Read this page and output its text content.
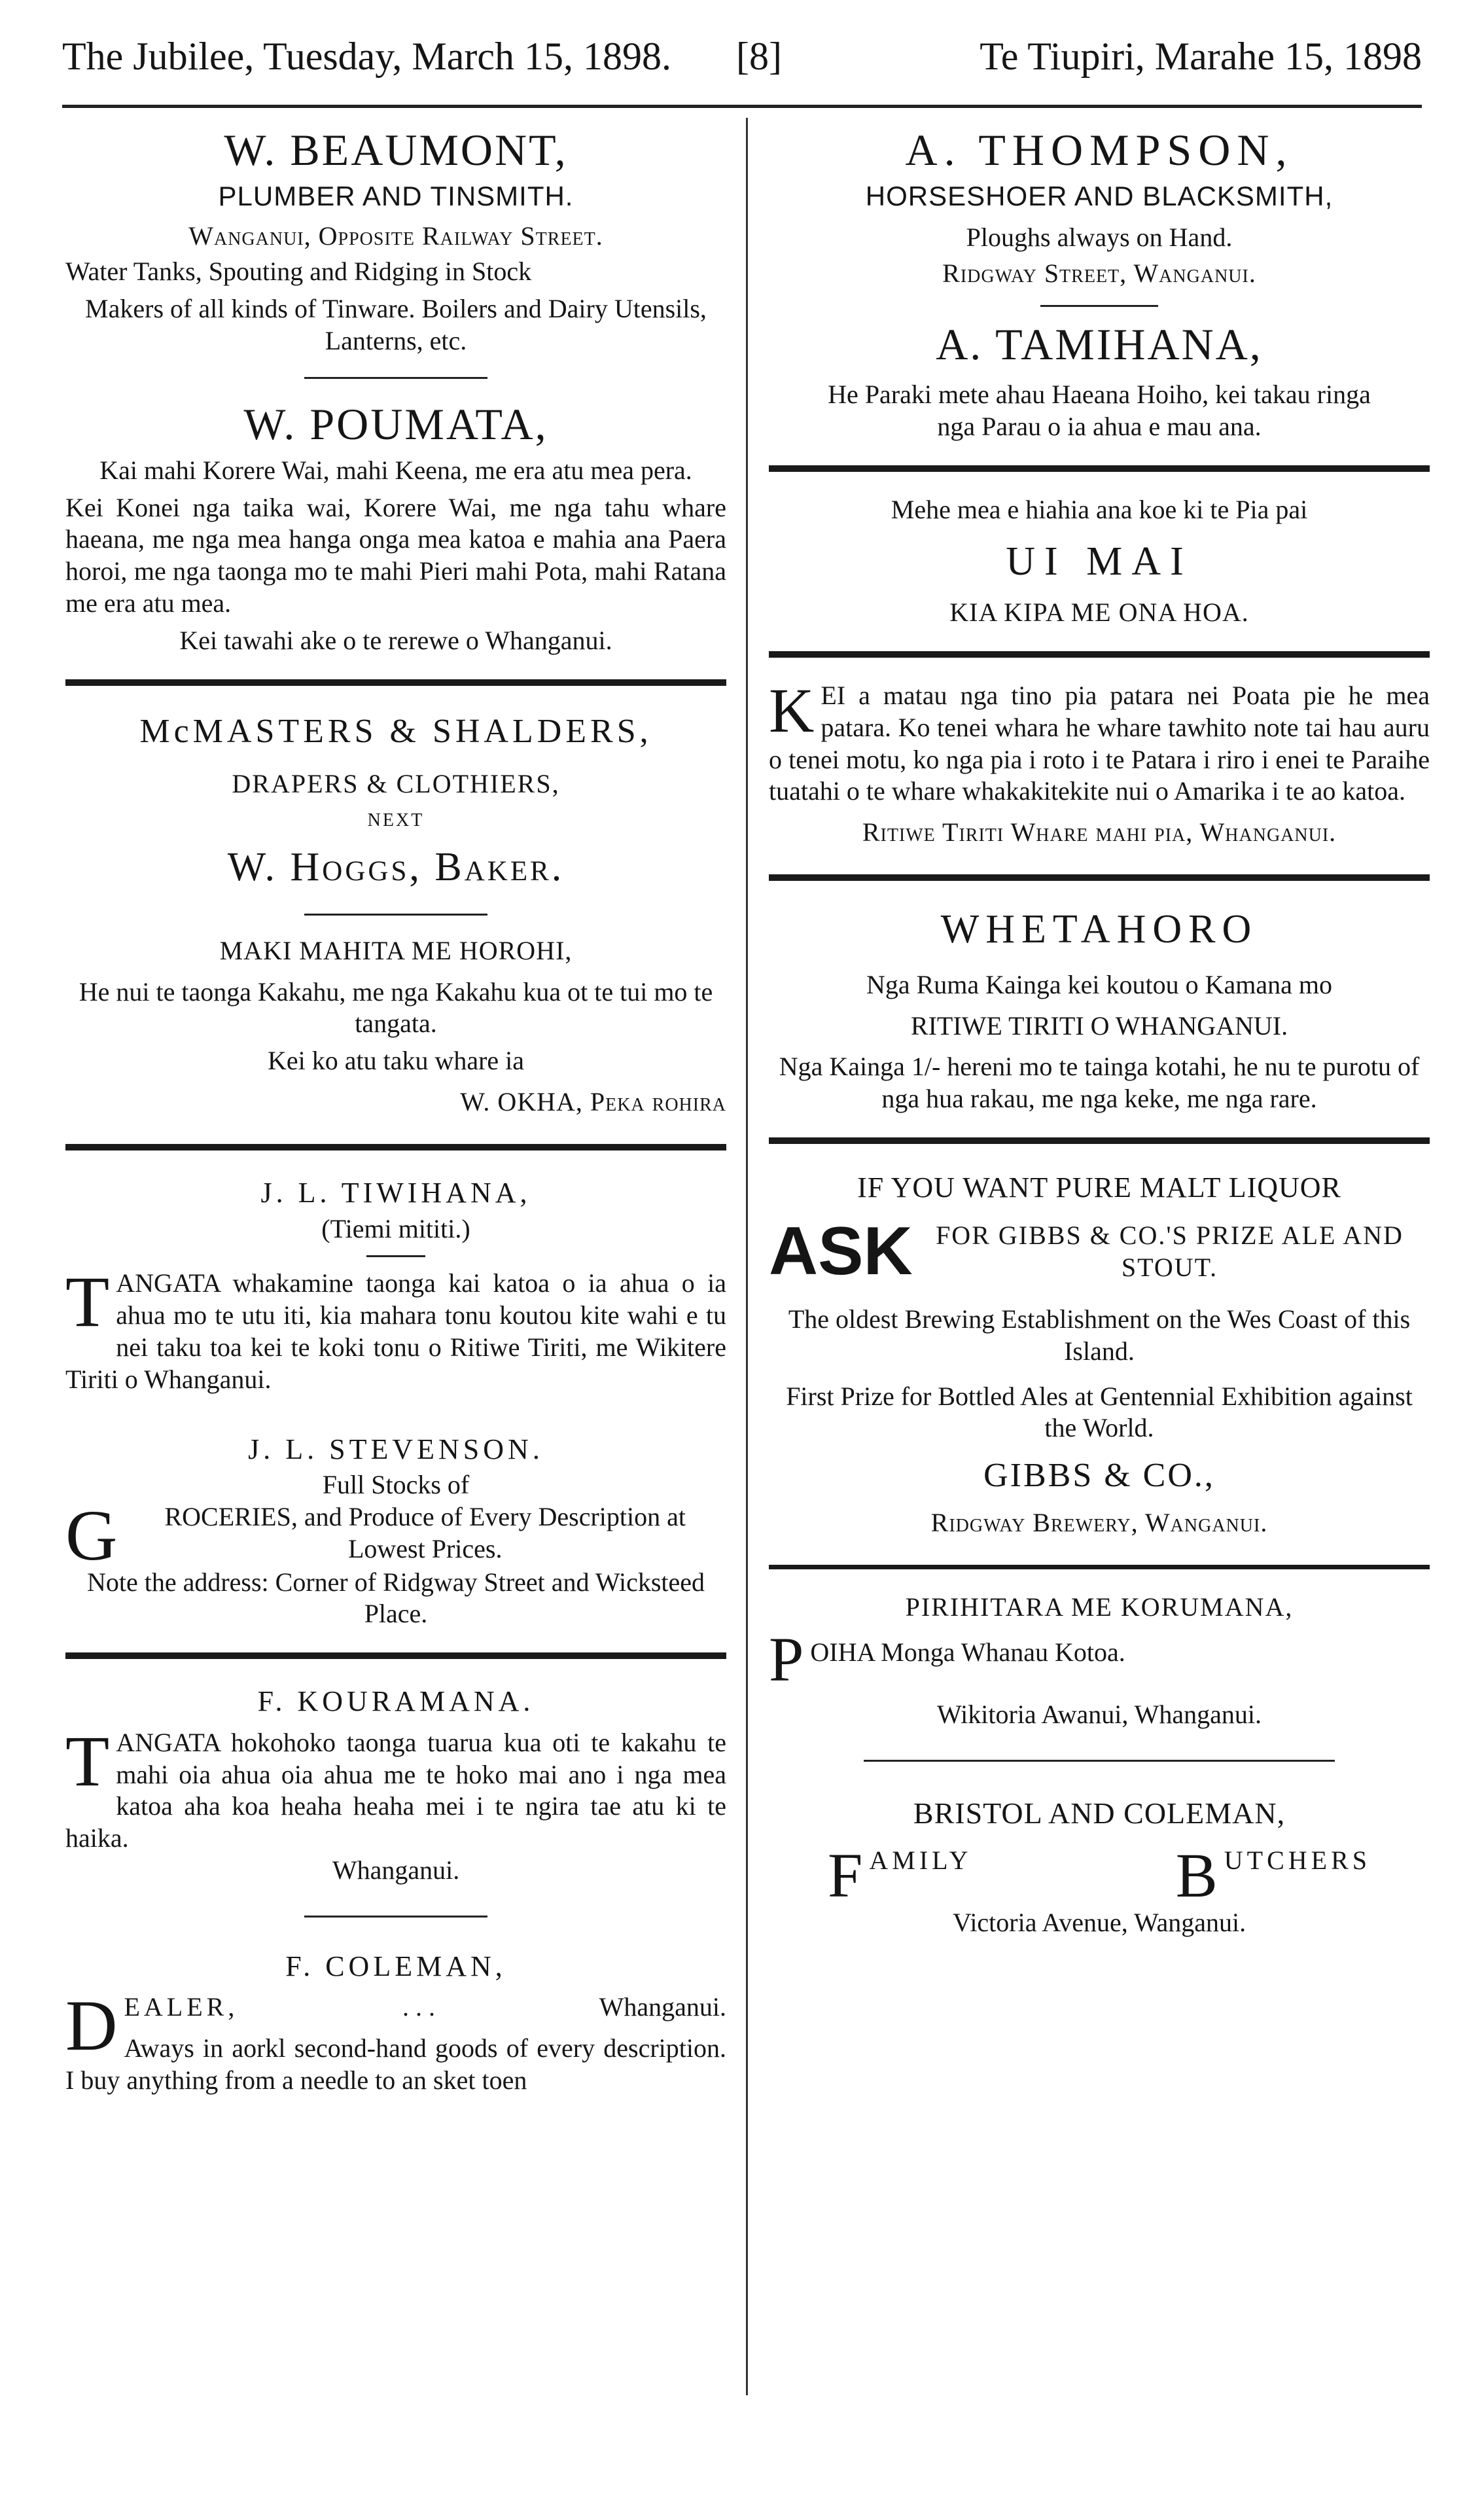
The Jubilee, Tuesday, March 15, 1898. [8]	Te Tiupiri, Marahe 15, 1898
W. BEAUMONT,
PLUMBER AND TINSMITH.
Wanganui, Opposite Railway Street.
Water Tanks, Spouting and Ridging in Stock
Makers of all kinds of Tinware. Boilers and Dairy Utensils, Lanterns, etc.
W. POUMATA,
Kai mahi Korere Wai, mahi Keena, me era atu mea pera.
Kei Konei nga taika wai, Korere Wai, me nga tahu whare haeana, me nga mea hanga onga mea katoa e mahia ana Paera horoi, me nga taonga mo te mahi Pieri mahi Pota, mahi Ratana me era atu mea.
Kei tawahi ake o te rerewe o Whanganui.
McMASTERS & SHALDERS,
DRAPERS & CLOTHIERS,
NEXT
W. Hoggs, Baker.
MAKI MAHITA ME HOROHI,
He nui te taonga Kakahu, me nga Kakahu kua ot te tui mo te tangata.
Kei ko atu taku whare ia
W. OKHA, Peka rohira
J. L. TIWIHANA,
(Tiemi mititi.)
T ANGATA whakamine taonga kai katoa o ia ahua o ia ahua mo te utu iti, kia mahara tonu koutou kite wahi e tu nei taku toa kei te koki tonu o Ritiwe Tiriti, me Wikitere Tiriti o Whanganui.
J. L. STEVENSON.
Full Stocks of
G	ROCERIES, and Produce of Every Description at Lowest Prices.
Note the address: Corner of Ridgway Street and Wicksteed Place.
F. KOURAMANA.
T ANGATA hokohoko taonga tuarua kua oti te kakahu te mahi oia ahua oia ahua me te hoko mai ano i nga mea katoa aha koa heaha heaha mei i te ngira tae atu ki te haika.
Whanganui.
F. COLEMAN,
D EALER,	. . .	Whanganui.
Aways in aorkl second-hand goods of every description. I buy anything from a needle to an sket toen
A. THOMPSON,
HORSESHOER AND BLACKSMITH,
Ploughs always on Hand.
Ridgway Street, Wanganui.
A. TAMIHANA,
He Paraki mete ahau Haeana Hoiho, kei takau ringa nga Parau o ia ahua e mau ana.
Mehe mea e hiahia ana koe ki te Pia pai
UI MAI
KIA KIPA ME ONA HOA.
K EI a matau nga tino pia patara nei Poata pie he mea patara. Ko tenei whara he whare tawhito note tai hau auru o tenei motu, ko nga pia i roto i te Patara i riro i enei te Paraihe tuatahi o te whare whakakitekite nui o Amarika i te ao katoa.
Ritiwe Tiriti Whare mahi pia, Whanganui.
WHETAHORO
Nga Ruma Kainga kei koutou o Kamana mo
RITIWE TIRITI O WHANGANUI.
Nga Kainga 1/- hereni mo te tainga kotahi, he nu te purotu of nga hua rakau, me nga keke, me nga rare.
IF YOU WANT PURE MALT LIQUOR
ASK FOR GIBBS & CO.'S PRIZE ALE AND STOUT.
The oldest Brewing Establishment on the Wes Coast of this Island.
First Prize for Bottled Ales at Gentennial Exhibition against the World.
GIBBS & CO.,
Ridgway Brewery, Wanganui.
PIRIHITARA ME KORUMANA,
P OIHA Monga Whanau Kotoa.
Wikitoria Awanui, Whanganui.
BRISTOL AND COLEMAN,
FAMILY	BUTCHERS
Victoria Avenue, Wanganui.
